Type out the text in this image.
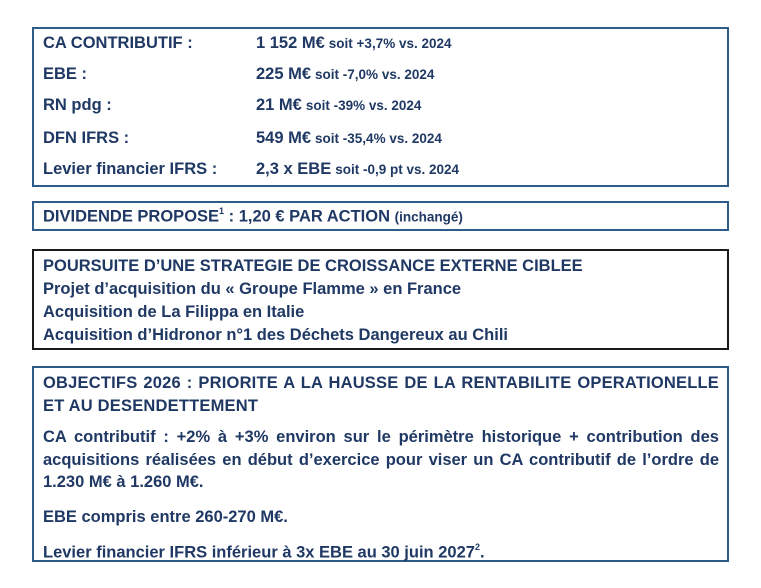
CA CONTRIBUTIF :	1 152 M€ soit +3,7% vs. 2024
EBE :	225 M€ soit -7,0% vs. 2024
RN pdg :	21 M€ soit -39% vs. 2024
DFN IFRS :	549 M€ soit -35,4% vs. 2024
Levier financier IFRS :	2,3 x EBE soit -0,9 pt vs. 2024
DIVIDENDE PROPOSE$^1$ : 1,20 € PAR ACTION (inchangé)
POURSUITE D’UNE STRATEGIE DE CROISSANCE EXTERNE CIBLEE
Projet d’acquisition du « Groupe Flamme » en France
Acquisition de La Filippa en Italie
Acquisition d’Hidronor n°1 des Déchets Dangereux au Chili
OBJECTIFS 2026 : PRIORITE A LA HAUSSE DE LA RENTABILITE OPERATIONELLE ET AU DESENDETTEMENT
CA contributif : +2% à +3% environ sur le périmètre historique + contribution des acquisitions réalisées en début d’exercice pour viser un CA contributif de l’ordre de 1.230 M€ à 1.260 M€.
EBE compris entre 260-270 M€.
Levier financier IFRS inférieur à 3x EBE au 30 juin 2027$^2$.
